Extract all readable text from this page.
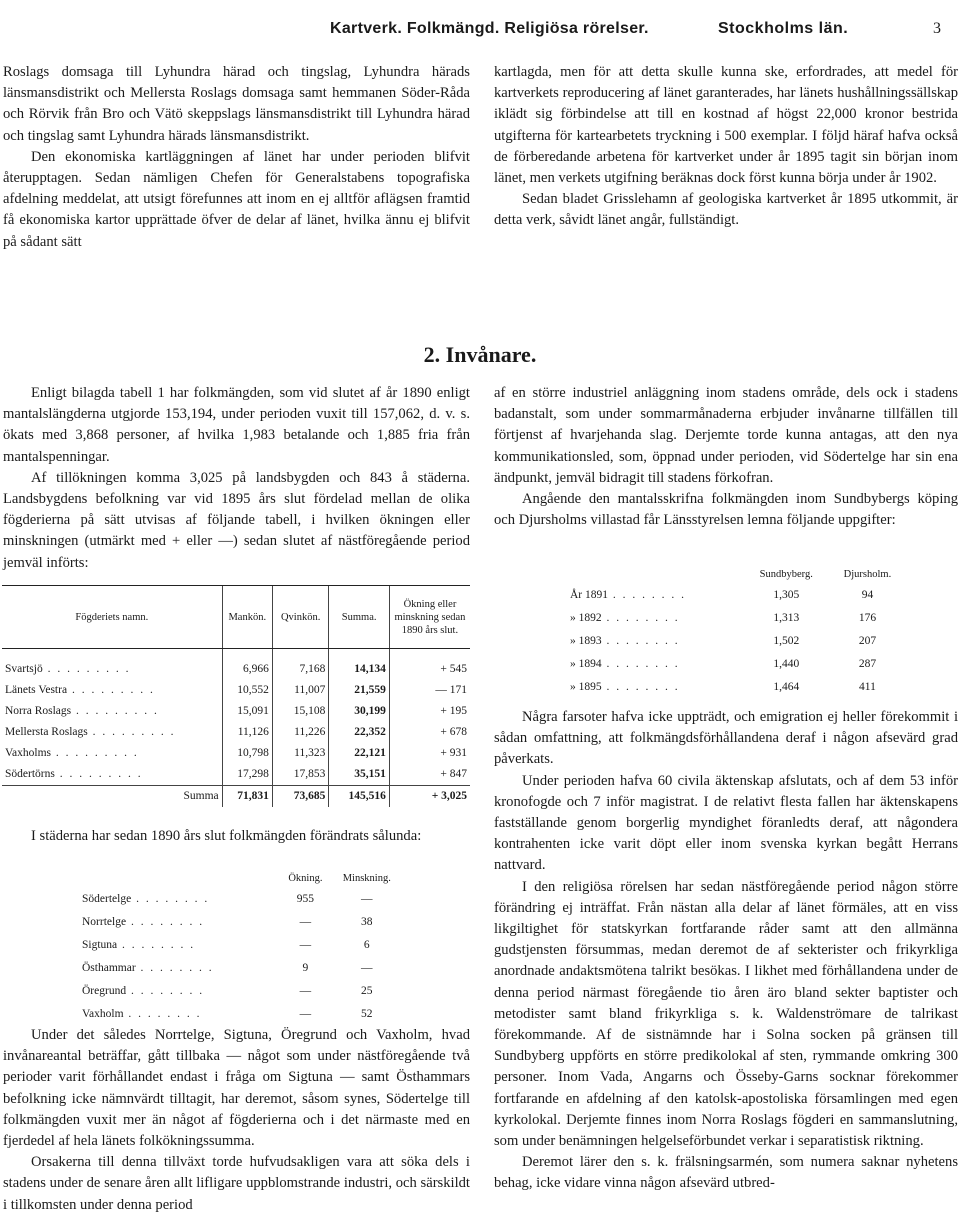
Kartverk. Folkmängd. Religiösa rörelser.	Stockholms län.	3

Roslags domsaga till Lyhundra härad och tingslag, Lyhundra härads länsmansdistrikt och Mellersta Roslags domsaga samt hemmanen Söder-Råda och Rörvik från Bro och Vätö skeppslags länsmansdistrikt till Lyhundra härad och tingslag samt Lyhundra härads länsmansdistrikt.

Den ekonomiska kartläggningen af länet har under perioden blifvit återupptagen. Sedan nämligen Chefen för Generalstabens topografiska afdelning meddelat, att utsigt förefunnes att inom en ej alltför aflägsen framtid få ekonomiska kartor upprättade öfver de delar af länet, hvilka ännu ej blifvit på sådant sätt

kartlagda, men för att detta skulle kunna ske, erfordrades, att medel för kartverkets reproducering af länet garanterades, har länets hushållningssällskap iklädt sig förbindelse att till en kostnad af högst 22,000 kronor bestrida utgifterna för kartearbetets tryckning i 500 exemplar. I följd häraf hafva också de förberedande arbetena för kartverket under år 1895 tagit sin början inom länet, men verkets utgifning beräknas dock först kunna börja under år 1902.

Sedan bladet Grisslehamn af geologiska kartverket år 1895 utkommit, är detta verk, såvidt länet angår, fullständigt.

2. Invånare.

Enligt bilagda tabell 1 har folkmängden, som vid slutet af år 1890 enligt mantalslängderna utgjorde 153,194, under perioden vuxit till 157,062, d. v. s. ökats med 3,868 personer, af hvilka 1,983 betalande och 1,885 fria från mantalspenningar.

Af tillökningen komma 3,025 på landsbygden och 843 å städerna. Landsbygdens befolkning var vid 1895 års slut fördelad mellan de olika fögderierna på sätt utvisas af följande tabell, i hvilken ökningen eller minskningen (utmärkt med + eller —) sedan slutet af nästföregående period jemväl införts:

Fögderiets namn.	Mankön.	Qvinkön.	Summa.	Ökning eller minskning sedan 1890 års slut.

Svartsjö . . . . . . . . .	6,966	7,168	14,134	+ 545
Länets Vestra . . . . . . . . .	10,552	11,007	21,559	— 171
Norra Roslags . . . . . . . . .	15,091	15,108	30,199	+ 195
Mellersta Roslags . . . . . . . . .	11,126	11,226	22,352	+ 678
Vaxholms . . . . . . . . .	10,798	11,323	22,121	+ 931
Södertörns . . . . . . . . .	17,298	17,853	35,151	+ 847
Summa	71,831	73,685	145,516	+ 3,025

I städerna har sedan 1890 års slut folkmängden förändrats sålunda:

	Ökning.	Minskning.
Södertelge . . . . . . . .	955	—
Norrtelge . . . . . . . .	—	38
Sigtuna . . . . . . . .	—	6
Östhammar . . . . . . . .	9	—
Öregrund . . . . . . . .	—	25
Vaxholm . . . . . . . .	—	52

Under det således Norrtelge, Sigtuna, Öregrund och Vaxholm, hvad invånareantal beträffar, gått tillbaka — något som under nästföregående två perioder varit förhållandet endast i fråga om Sigtuna — samt Östhammars befolkning icke nämnvärdt tilltagit, har deremot, såsom synes, Södertelge till folkmängden vuxit mer än något af fögderierna och i det närmaste med en fjerdedel af hela länets folkökningssumma.

Orsakerna till denna tillväxt torde hufvudsakligen vara att söka dels i stadens under de senare åren allt lifligare uppblomstrande industri, och särskildt i tillkomsten under denna period

af en större industriel anläggning inom stadens område, dels ock i stadens badanstalt, som under sommarmånaderna erbjuder invånarne tillfällen till förtjenst af hvarjehanda slag. Derjemte torde kunna antagas, att den nya kommunikationsled, som, öppnad under perioden, vid Södertelge har sin ena ändpunkt, jemväl bidragit till stadens förkofran.

Angående den mantalsskrifna folkmängden inom Sundbybergs köping och Djursholms villastad får Länsstyrelsen lemna följande uppgifter:

	Sundbyberg.	Djursholm.
År 1891 . . . . . . . .	1,305	94
» 1892 . . . . . . . .	1,313	176
» 1893 . . . . . . . .	1,502	207
» 1894 . . . . . . . .	1,440	287
» 1895 . . . . . . . .	1,464	411

Några farsoter hafva icke uppträdt, och emigration ej heller förekommit i sådan omfattning, att folkmängdsförhållandena deraf i någon afsevärd grad påverkats.

Under perioden hafva 60 civila äktenskap afslutats, och af dem 53 inför kronofogde och 7 inför magistrat. I de relativt flesta fallen har äktenskapens fastställande genom borgerlig myndighet föranledts deraf, att någondera kontrahenten icke varit döpt eller inom svenska kyrkan begått Herrans nattvard.

I den religiösa rörelsen har sedan nästföregående period någon större förändring ej inträffat. Från nästan alla delar af länet förmäles, att en viss likgiltighet för statskyrkan fortfarande råder samt att den allmänna gudstjensten försummas, medan deremot de af sekterister och frikyrkliga anordnade andaktsmötena talrikt besökas. I likhet med förhållandena under de denna period närmast föregående tio åren äro bland sekter baptister och metodister samt bland frikyrkliga s. k. Waldenströmare de talrikast förekommande. Af de sistnämnde har i Solna socken på gränsen till Sundbyberg uppförts en större predikolokal af sten, rymmande omkring 300 personer. Inom Vada, Angarns och Össeby-Garns socknar förekommer fortfarande en afdelning af den katolsk-apostoliska församlingen med egen kyrkolokal. Derjemte finnes inom Norra Roslags fögderi en sammanslutning, som under benämningen helgelseförbundet verkar i separatistisk riktning.

Deremot lärer den s. k. frälsningsarmén, som numera saknar nyhetens behag, icke vidare vinna någon afsevärd utbred-
